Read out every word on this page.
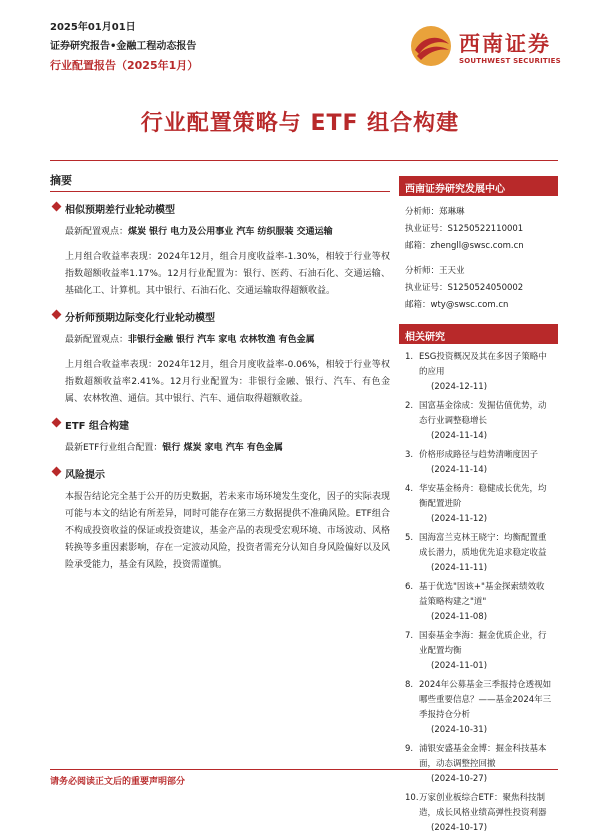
2025年01月01日
证券研究报告•金融工程动态报告
行业配置报告（2025年1月）
西南证券
SOUTHWEST SECURITIES
行业配置策略与 ETF 组合构建
摘要
相似预期差行业轮动模型
最新配置观点：煤炭 银行 电力及公用事业 汽车 纺织服装 交通运输
上月组合收益率表现：2024年12月，组合月度收益率-1.30%，相较于行业等权指数超额收益率1.17%。12月行业配置为：银行、医药、石油石化、交通运输、基础化工、计算机。其中银行、石油石化、交通运输取得超额收益。
分析师预期边际变化行业轮动模型
最新配置观点：非银行金融 银行 汽车 家电 农林牧渔 有色金属
上月组合收益率表现：2024年12月，组合月度收益率-0.06%，相较于行业等权指数超额收益率2.41%。12月行业配置为：非银行金融、银行、汽车、有色金属、农林牧渔、通信。其中银行、汽车、通信取得超额收益。
ETF 组合构建
最新ETF行业组合配置：银行 煤炭 家电 汽车 有色金属
风险提示
本报告结论完全基于公开的历史数据，若未来市场环境发生变化，因子的实际表现可能与本文的结论有所差异，同时可能存在第三方数据提供不准确风险。ETF组合不构成投资收益的保证或投资建议，基金产品的表现受宏观环境、市场波动、风格转换等多重因素影响，存在一定波动风险，投资者需充分认知自身风险偏好以及风险承受能力，基金有风险，投资需谨慎。
西南证券研究发展中心
分析师：郑琳琳
执业证号：S1250522110001
邮箱：zhengll@swsc.com.cn
分析师：王天业
执业证号：S1250524050002
邮箱：wty@swsc.com.cn
相关研究
1. ESG投资概况及其在多因子策略中的应用
(2024-12-11)
2. 国富基金徐成：发掘估值优势，动态行业调整稳增长
(2024-11-14)
3. 价格形成路径与趋势清晰度因子
(2024-11-14)
4. 华安基金杨舟：稳健成长优先，均衡配置进阶
(2024-11-12)
5. 国海富兰克林王晓宁：均衡配置重成长潜力，质地优先追求稳定收益
(2024-11-11)
6. 基于优选"因该+"基金探索绩效收益策略构建之"道"
(2024-11-08)
7. 国泰基金李海：掘金优质企业，行业配置均衡
(2024-11-01)
8. 2024年公募基金三季报持仓透视如哪些重要信息？——基金2024年三季报持仓分析
(2024-10-31)
9. 浦银安盛基金金博：掘金科技基本面，动态调整控回撤
(2024-10-27)
10. 万家创业板综合ETF：聚焦科技制造，成长风格业绩高弹性投资利器
(2024-10-17)
请务必阅读正文后的重要声明部分
